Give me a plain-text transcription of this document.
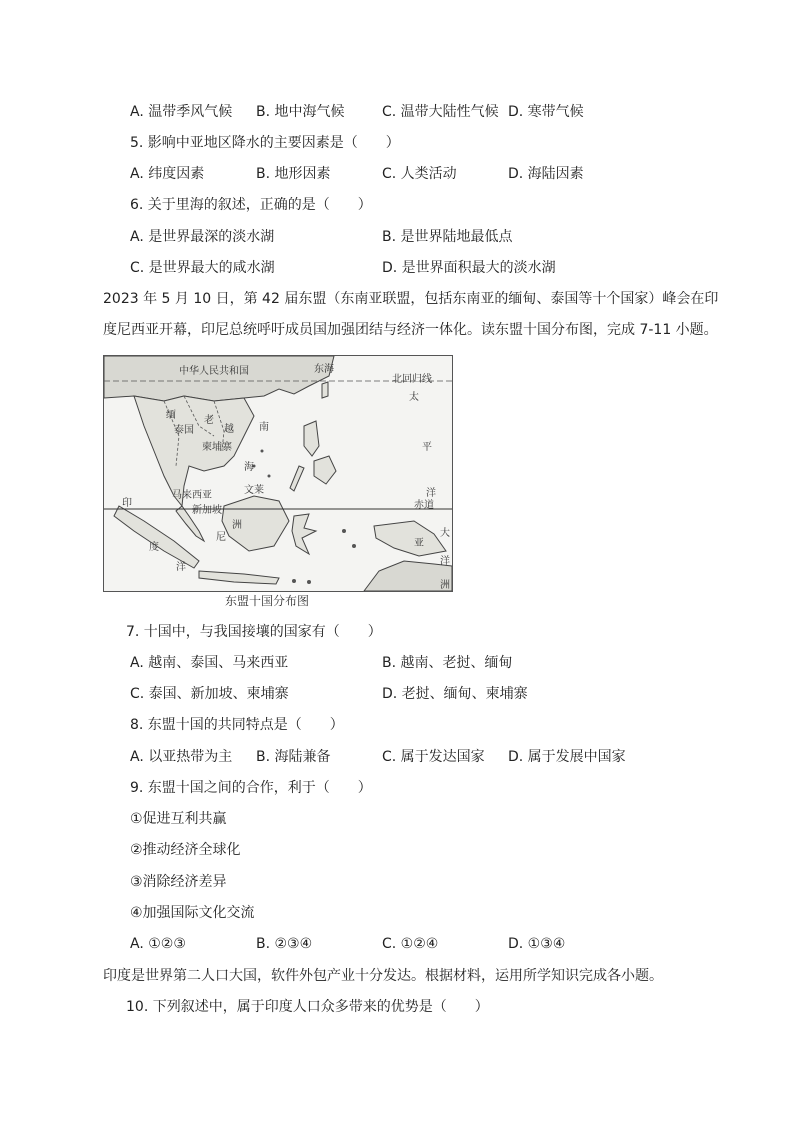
A. 温带季风气候 B. 地中海气候	C. 温带大陆性气候 D. 寒带气候
5. 影响中亚地区降水的主要因素是（　　）
A. 纬度因素	B. 地形因素	C. 人类活动	D. 海陆因素
6. 关于里海的叙述，正确的是（　　）
A. 是世界最深的淡水湖	B. 是世界陆地最低点
C. 是世界最大的咸水湖	D. 是世界面积最大的淡水湖
2023 年 5 月 10 日，第 42 届东盟（东南亚联盟，包括东南亚的缅甸、泰国等十个国家）峰会在印
度尼西亚开幕，印尼总统呼吁成员国加强团结与经济一体化。读东盟十国分布图，完成 7-11 小题。
中华人民共和国	东海
北回归线
太
平
洋
赤道
南
海
缅
泰国
老
柬埔寨
越
马来西亚	文莱
新加坡
印
度
洋
尼
洲
亚
大
洋
洲
东盟十国分布图
7. 十国中，与我国接壤的国家有（　　）
A. 越南、泰国、马来西亚	B. 越南、老挝、缅甸
C. 泰国、新加坡、柬埔寨	D. 老挝、缅甸、柬埔寨
8. 东盟十国的共同特点是（　　）
A. 以亚热带为主 B. 海陆兼备	C. 属于发达国家 D. 属于发展中国家
9. 东盟十国之间的合作，利于（　　）
①促进互利共赢
②推动经济全球化
③消除经济差异
④加强国际文化交流
A. ①②③	B. ②③④	C. ①②④	D. ①③④
印度是世界第二人口大国，软件外包产业十分发达。根据材料，运用所学知识完成各小题。
10. 下列叙述中，属于印度人口众多带来的优势是（　　）
